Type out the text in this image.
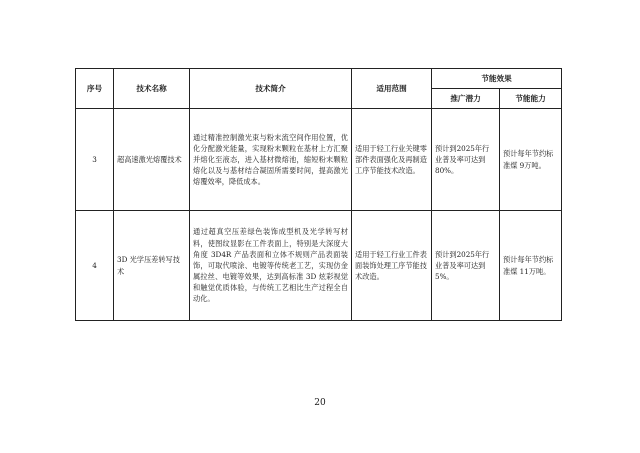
序号	技术名称	技术简介	适用范围	节能效果	
				推广潜力	节能能力
3	超高速激光熔覆技术	通过精准控制激光束与粉末流空间作用位置，优化分配激光能量，实现粉末颗粒在基材上方汇聚并熔化至液态，进入基材微熔池，缩短粉末颗粒熔化以及与基材结合凝固所需要时间，提高激光熔覆效率，降低成本。	适用于轻工行业关键零部件表面强化及再制造工序节能技术改造。	预计到2025年行业普及率可达到80%。	预计每年节约标准煤 9万吨。
4	3D 光学压差转写技术	通过超真空压差绿色装饰成型机及光学转写材料，使图纹显影在工件表面上，特别是大深度大角度 3D4R 产品表面和立体不规则产品表面装饰，可取代喷涂、电镀等传统老工艺，实现仿金属拉丝、电镀等效果，达到高标准 3D 炫彩视觉和触觉优质体验，与传统工艺相比生产过程全自动化。	适用于轻工行业工件表面装饰处理工序节能技术改造。	预计到2025年行业普及率可达到5%。	预计每年节约标准煤 11万吨。
20
